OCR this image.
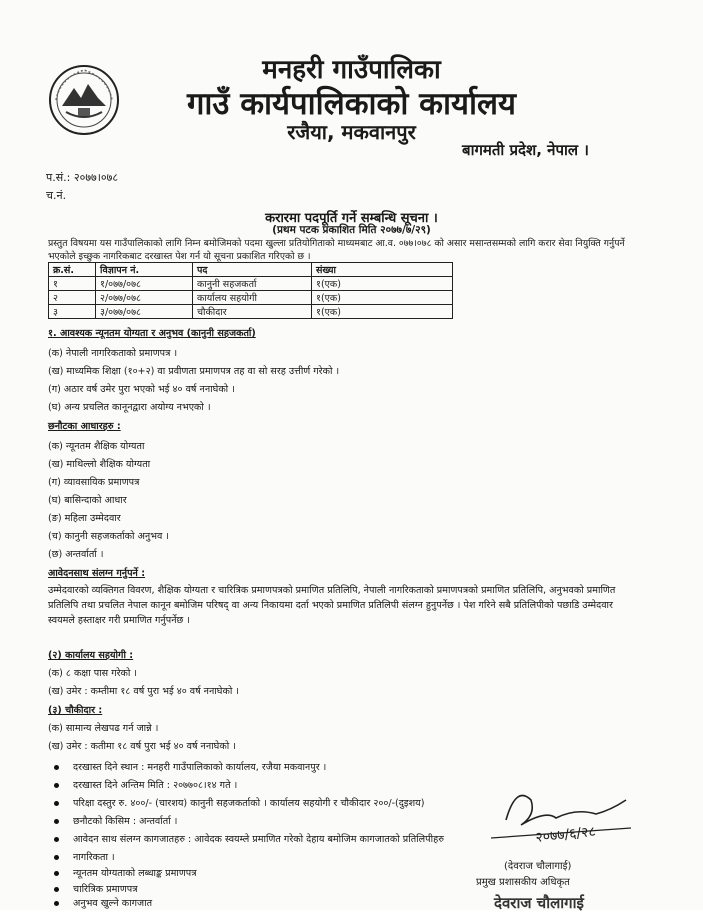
मनहरी गाउँपालिका
गाउँ कार्यपालिकाको कार्यालय
रजैया, मकवानपुर
बागमती प्रदेश, नेपाल ।
प.सं.: २०७७।०७८
च.नं.
करारमा पदपूर्ति गर्ने सम्बन्धि सूचना ।
(प्रथम पटक प्रकाशित मिति २०७७/७/२९)
प्रस्तुत विषयमा यस गाउँपालिकाको लागि निम्न बमोजिमको पदमा खुल्ला प्रतियोगिताको माध्यमबाट आ.व. ०७७।०७८ को असार मसान्तसम्मको लागि करार सेवा नियुक्ति गर्नुपर्ने भएकोले इच्छुक नागरिकबाट दरखास्त पेश गर्न यो सूचना प्रकाशित गरिएको छ ।
क्र.सं.	विज्ञापन नं.	पद	संख्या
१	१/०७७/०७८	कानुनी सहजकर्ता	१(एक)
२	२/०७७/०७८	कार्यालय सहयोगी	१(एक)
३	३/०७७/०७८	चौकीदार	१(एक)
१. आवश्यक न्यूनतम योग्यता र अनुभव (कानुनी सहजकर्ता)
(क) नेपाली नागरिकताको प्रमाणपत्र ।
(ख) माध्यमिक शिक्षा (१०+२) वा प्रवीणता प्रमाणपत्र तह वा सो सरह उत्तीर्ण गरेको ।
(ग) अठार वर्ष उमेर पुरा भएको भई ४० वर्ष ननाघेको ।
(घ) अन्य प्रचलित कानूनद्वारा अयोग्य नभएको ।
छनौटका आधारहरु :
(क) न्यूनतम शैक्षिक योग्यता
(ख) माथिल्लो शैक्षिक योग्यता
(ग) व्यावसायिक प्रमाणपत्र
(घ) बासिन्दाको आधार
(ङ) महिला उम्मेदवार
(च) कानुनी सहजकर्ताको अनुभव ।
(छ) अन्तर्वार्ता ।
आवेदनसाथ संलग्न गर्नुपर्ने :
उम्मेदवारको व्यक्तिगत विवरण, शैक्षिक योग्यता र चारित्रिक प्रमाणपत्रको प्रमाणित प्रतिलिपि, नेपाली नागरिकताको प्रमाणपत्रको प्रमाणित प्रतिलिपि, अनुभवको प्रमाणित प्रतिलिपि तथा प्रचलित नेपाल कानून बमोजिम परिषद् वा अन्य निकायमा दर्ता भएको प्रमाणित प्रतिलिपी संलग्न हुनुपर्नेछ । पेश गरिने सबै प्रतिलिपीको पछाडि उम्मेदवार स्वयमले हस्ताक्षर गरी प्रमाणित गर्नुपर्नेछ ।
(२) कार्यालय सहयोगी :
(क) ८ कक्षा पास गरेको ।
(ख) उमेर : कम्तीमा १८ वर्ष पुरा भई ४० वर्ष ननाघेको ।
(३) चौकीदार :
(क) सामान्य लेखपढ गर्न जान्ने ।
(ख) उमेर : कतीमा १८ वर्ष पुरा भई ४० वर्ष ननाघेको ।
दरखास्त दिने स्थान : मनहरी गाउँपालिकाको कार्यालय, रजैया मकवानपुर ।
दरखास्त दिने अन्तिम मिति : २०७७०८।१४ गते ।
परिक्षा दस्तुर रु. ४००/- (चारशय) कानुनी सहजकर्ताको । कार्यालय सहयोगी र चौकीदार २००/-(दुइशय)
छनौटको किसिम : अन्तर्वार्ता ।
आवेदन साथ संलग्न कागजातहरु : आवेदक स्वयम्ले प्रमाणित गरेको देहाय बमोजिम कागजातको प्रतिलिपीहरु
नागरिकता ।
न्यूनतम योग्यताको लब्धाङ्क प्रमाणपत्र
चारित्रिक प्रमाणपत्र
अनुभव खुल्ने कागजात
२०७७/६/२८
(देवराज चौलागाई)
प्रमुख प्रशासकीय अधिकृत
देवराज चौलागाई
